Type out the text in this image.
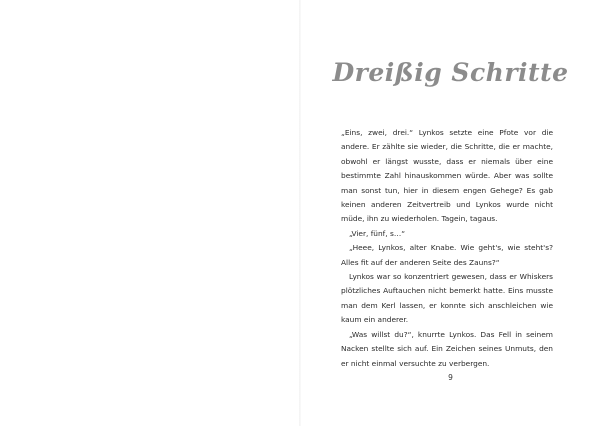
Dreißig Schritte

„Eins, zwei, drei.“ Lynkos setzte eine Pfote vor die andere. Er zählte sie wieder, die Schritte, die er machte, obwohl er längst wusste, dass er niemals über eine bestimmte Zahl hinauskommen würde. Aber was sollte man sonst tun, hier in diesem engen Gehege? Es gab keinen anderen Zeitvertreib und Lynkos wurde nicht müde, ihn zu wiederholen. Tagein, tagaus.

„Vier, fünf, s…“

„Heee, Lynkos, alter Knabe. Wie geht's, wie steht's? Alles fit auf der anderen Seite des Zauns?“

Lynkos war so konzentriert gewesen, dass er Whiskers plötzliches Auftauchen nicht bemerkt hatte. Eins musste man dem Kerl lassen, er konnte sich anschleichen wie kaum ein anderer.

„Was willst du?“, knurrte Lynkos. Das Fell in seinem Nacken stellte sich auf. Ein Zeichen seines Unmuts, den er nicht einmal versuchte zu verbergen.

9
